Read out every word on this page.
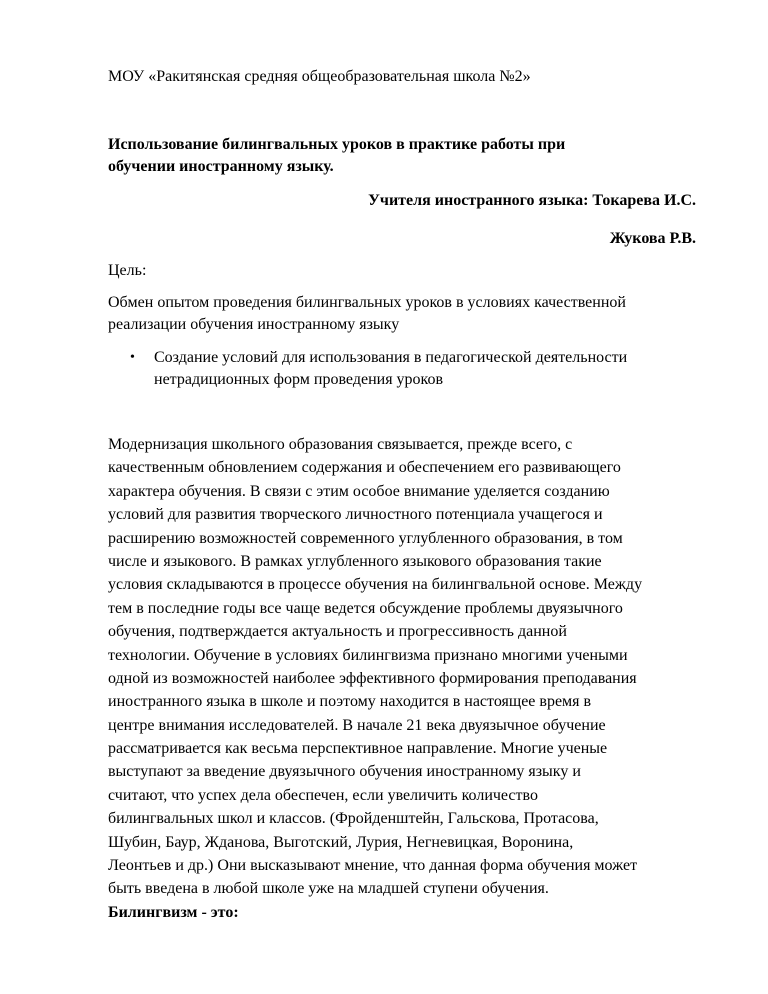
МОУ «Ракитянская средняя общеобразовательная школа №2»
Использование билингвальных уроков в практике работы при
обучении иностранному языку.
Учителя иностранного языка: Токарева И.С.
Жукова Р.В.
Цель:
Обмен опытом проведения билингвальных уроков в условиях качественной
реализации обучения иностранному языку
• Создание условий для использования в педагогической деятельности
нетрадиционных форм проведения уроков
Модернизация школьного образования связывается, прежде всего, с
качественным обновлением содержания и обеспечением его развивающего
характера обучения. В связи с этим особое внимание уделяется созданию
условий для развития творческого личностного потенциала учащегося и
расширению возможностей современного углубленного образования, в том
числе и языкового. В рамках углубленного языкового образования такие
условия складываются в процессе обучения на билингвальной основе. Между
тем в последние годы все чаще ведется обсуждение проблемы двуязычного
обучения, подтверждается актуальность и прогрессивность данной
технологии. Обучение в условиях билингвизма признано многими учеными
одной из возможностей наиболее эффективного формирования преподавания
иностранного языка в школе и поэтому находится в настоящее время в
центре внимания исследователей. В начале 21 века двуязычное обучение
рассматривается как весьма перспективное направление. Многие ученые
выступают за введение двуязычного обучения иностранному языку и
считают, что успех дела обеспечен, если увеличить количество
билингвальных школ и классов. (Фройденштейн, Гальскова, Протасова,
Шубин, Баур, Жданова, Выготский, Лурия, Негневицкая, Воронина,
Леонтьев и др.) Они высказывают мнение, что данная форма обучения может
быть введена в любой школе уже на младшей ступени обучения.
Билингвизм - это:
